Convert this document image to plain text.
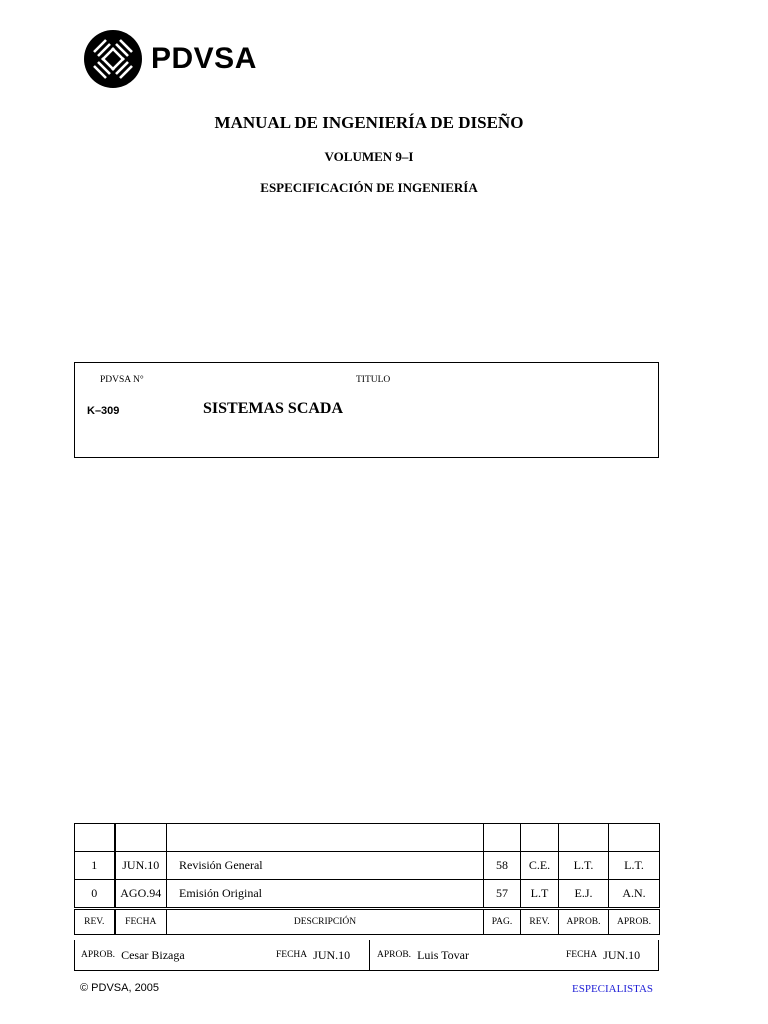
PDVSA
MANUAL DE INGENIERÍA DE DISEÑO
VOLUMEN 9–I
ESPECIFICACIÓN DE INGENIERÍA
PDVSA N°	TITULO
K–309	SISTEMAS SCADA

1	JUN.10	Revisión General	58	C.E.	L.T.	L.T.
0	AGO.94	Emisión Original	57	L.T	E.J.	A.N.
REV.	FECHA	DESCRIPCIÓN	PAG.	REV.	APROB.	APROB.
APROB. Cesar Bizaga	FECHA JUN.10	APROB. Luis Tovar	FECHA JUN.10
© PDVSA, 2005	ESPECIALISTAS
